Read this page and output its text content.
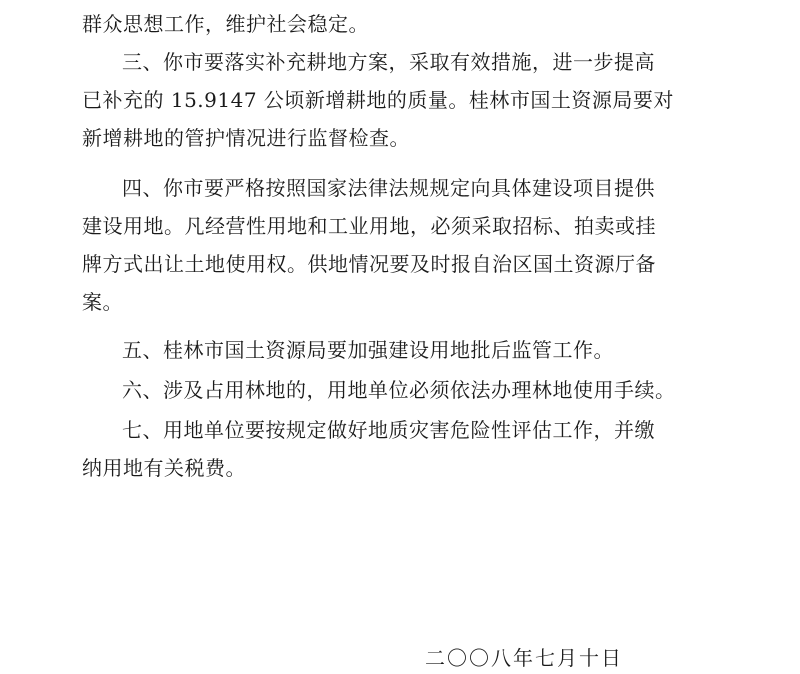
群众思想工作，维护社会稳定。
三、你市要落实补充耕地方案，采取有效措施，进一步提高
已补充的 15.9147 公顷新增耕地的质量。桂林市国土资源局要对
新增耕地的管护情况进行监督检查。
四、你市要严格按照国家法律法规规定向具体建设项目提供
建设用地。凡经营性用地和工业用地，必须采取招标、拍卖或挂
牌方式出让土地使用权。供地情况要及时报自治区国土资源厅备
案。
五、桂林市国土资源局要加强建设用地批后监管工作。
六、涉及占用林地的，用地单位必须依法办理林地使用手续。
七、用地单位要按规定做好地质灾害危险性评估工作，并缴
纳用地有关税费。
二〇〇八年七月十日
